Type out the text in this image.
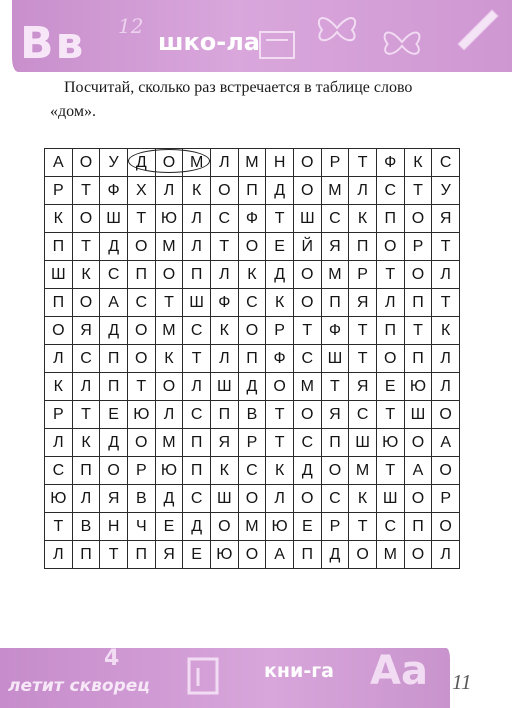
Вв 12
шко-ла
Посчитай, сколько раз встречается в таблице слово
«дом».
А	О	У	Д	О	М	Л	М	Н	О	Р	Т	Ф	К	С
Р	Т	Ф	Х	Л	К	О	П	Д	О	М	Л	С	Т	У
К	О	Ш	Т	Ю	Л	С	Ф	Т	Ш	С	К	П	О	Я
П	Т	Д	О	М	Л	Т	О	Е	Й	Я	П	О	Р	Т
Ш	К	С	П	О	П	Л	К	Д	О	М	Р	Т	О	Л
П	О	А	С	Т	Ш	Ф	С	К	О	П	Я	Л	П	Т
О	Я	Д	О	М	С	К	О	Р	Т	Ф	Т	П	Т	К
Л	С	П	О	К	Т	Л	П	Ф	С	Ш	Т	О	П	Л
К	Л	П	Т	О	Л	Ш	Д	О	М	Т	Я	Е	Ю	Л
Р	Т	Е	Ю	Л	С	П	В	Т	О	Я	С	Т	Ш	О
Л	К	Д	О	М	П	Я	Р	Т	С	П	Ш	Ю	О	А
С	П	О	Р	Ю	П	К	С	К	Д	О	М	Т	А	О
Ю	Л	Я	В	Д	С	Ш	О	Л	О	С	К	Ш	О	Р
Т	В	Н	Ч	Е	Д	О	М	Ю	Е	Р	Т	С	П	О
Л	П	Т	П	Я	Е	Ю	О	А	П	Д	О	М	О	Л
летит скворец
4	кни-га Аа 11
